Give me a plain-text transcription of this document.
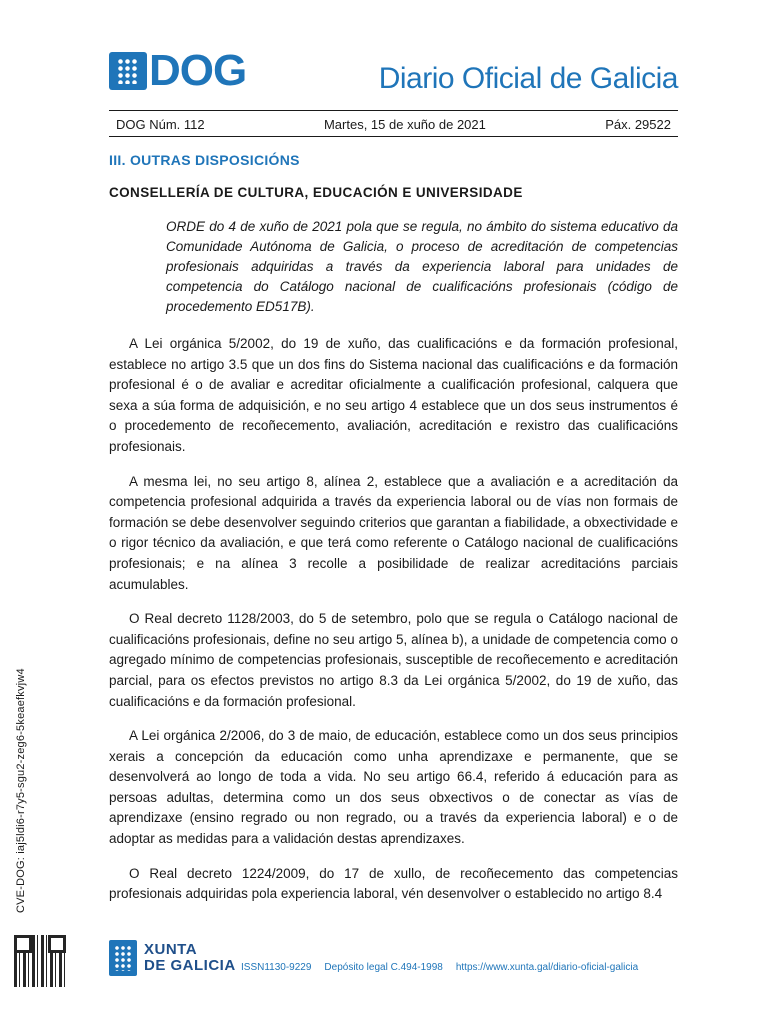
DOG	Diario Oficial de Galicia
DOG Núm. 112	Martes, 15 de xuño de 2021	Páx. 29522
III. OUTRAS DISPOSICIÓNS
CONSELLERÍA DE CULTURA, EDUCACIÓN E UNIVERSIDADE
ORDE do 4 de xuño de 2021 pola que se regula, no ámbito do sistema educativo da Comunidade Autónoma de Galicia, o proceso de acreditación de competencias profesionais adquiridas a través da experiencia laboral para unidades de competencia do Catálogo nacional de cualificacións profesionais (código de procedemento ED517B).

A Lei orgánica 5/2002, do 19 de xuño, das cualificacións e da formación profesional, establece no artigo 3.5 que un dos fins do Sistema nacional das cualificacións e da formación profesional é o de avaliar e acreditar oficialmente a cualificación profesional, calquera que sexa a súa forma de adquisición, e no seu artigo 4 establece que un dos seus instrumentos é o procedemento de recoñecemento, avaliación, acreditación e rexistro das cualificacións profesionais.

A mesma lei, no seu artigo 8, alínea 2, establece que a avaliación e a acreditación da competencia profesional adquirida a través da experiencia laboral ou de vías non formais de formación se debe desenvolver seguindo criterios que garantan a fiabilidade, a obxectividade e o rigor técnico da avaliación, e que terá como referente o Catálogo nacional de cualificacións profesionais; e na alínea 3 recolle a posibilidade de realizar acreditacións parciais acumulables.

O Real decreto 1128/2003, do 5 de setembro, polo que se regula o Catálogo nacional de cualificacións profesionais, define no seu artigo 5, alínea b), a unidade de competencia como o agregado mínimo de competencias profesionais, susceptible de recoñecemento e acreditación parcial, para os efectos previstos no artigo 8.3 da Lei orgánica 5/2002, do 19 de xuño, das cualificacións e da formación profesional.

A Lei orgánica 2/2006, do 3 de maio, de educación, establece como un dos seus principios xerais a concepción da educación como unha aprendizaxe e permanente, que se desenvolverá ao longo de toda a vida. No seu artigo 66.4, referido á educación para as persoas adultas, determina como un dos seus obxectivos o de conectar as vías de aprendizaxe (ensino regrado ou non regrado, ou a través da experiencia laboral) e o de adoptar as medidas para a validación destas aprendizaxes.

O Real decreto 1224/2009, do 17 de xullo, de recoñecemento das competencias profesionais adquiridas pola experiencia laboral, vén desenvolver o establecido no artigo 8.4

CVE-DOG: iaj5ldi6-r7y5-sgu2-zeg6-5keaefkvjw4
XUNTA
DE GALICIA ISSN1130-9229 Depósito legal C.494-1998 https://www.xunta.gal/diario-oficial-galicia
